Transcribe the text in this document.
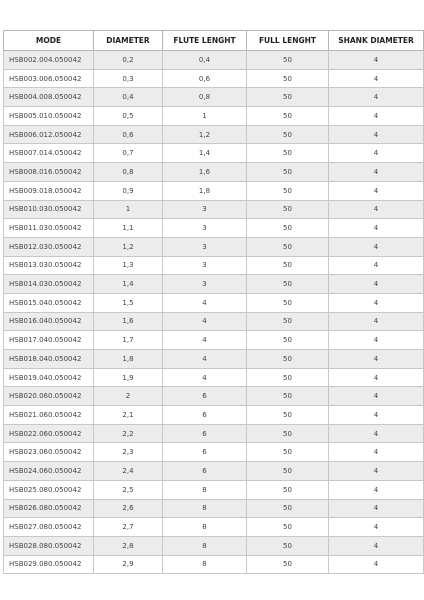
MODE	DIAMETER	FLUTE LENGHT	FULL LENGHT	SHANK DIAMETER
HSB002.004.050042	0,2	0,4	50	4
HSB003.006.050042	0,3	0,6	50	4
HSB004.008.050042	0,4	0,8	50	4
HSB005.010.050042	0,5	1	50	4
HSB006.012.050042	0,6	1,2	50	4
HSB007.014.050042	0,7	1,4	50	4
HSB008.016.050042	0,8	1,6	50	4
HSB009.018.050042	0,9	1,8	50	4
HSB010.030.050042	1	3	50	4
HSB011.030.050042	1,1	3	50	4
HSB012.030.050042	1,2	3	50	4
HSB013.030.050042	1,3	3	50	4
HSB014.030.050042	1,4	3	50	4
HSB015.040.050042	1,5	4	50	4
HSB016.040.050042	1,6	4	50	4
HSB017.040.050042	1,7	4	50	4
HSB018.040.050042	1,8	4	50	4
HSB019.040.050042	1,9	4	50	4
HSB020.060.050042	2	6	50	4
HSB021.060.050042	2,1	6	50	4
HSB022.060.050042	2,2	6	50	4
HSB023.060.050042	2,3	6	50	4
HSB024.060.050042	2,4	6	50	4
HSB025.080.050042	2,5	8	50	4
HSB026.080.050042	2,6	8	50	4
HSB027.080.050042	2,7	8	50	4
HSB028.080.050042	2,8	8	50	4
HSB029.080.050042	2,9	8	50	4
